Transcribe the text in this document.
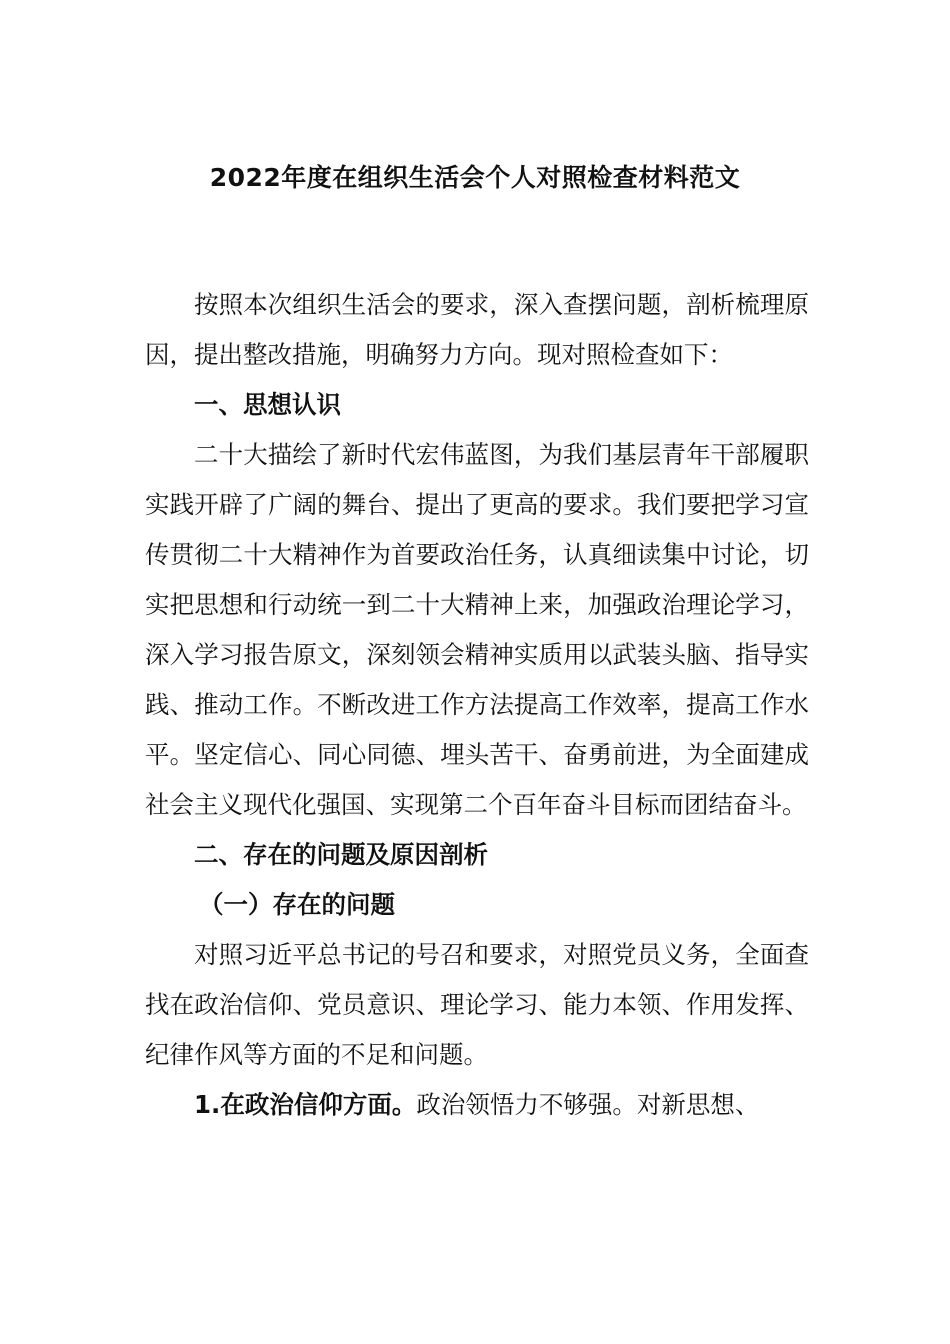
2022年度在组织生活会个人对照检查材料范文

按照本次组织生活会的要求，深入查摆问题，剖析梳理原因，提出整改措施，明确努力方向。现对照检查如下：

一、思想认识

二十大描绘了新时代宏伟蓝图，为我们基层青年干部履职实践开辟了广阔的舞台、提出了更高的要求。我们要把学习宣传贯彻二十大精神作为首要政治任务，认真细读集中讨论，切实把思想和行动统一到二十大精神上来，加强政治理论学习，深入学习报告原文，深刻领会精神实质用以武装头脑、指导实践、推动工作。不断改进工作方法提高工作效率，提高工作水平。坚定信心、同心同德、埋头苦干、奋勇前进，为全面建成社会主义现代化强国、实现第二个百年奋斗目标而团结奋斗。

二、存在的问题及原因剖析

（一）存在的问题

对照习近平总书记的号召和要求，对照党员义务，全面查找在政治信仰、党员意识、理论学习、能力本领、作用发挥、纪律作风等方面的不足和问题。

1.在政治信仰方面。政治领悟力不够强。对新思想、
